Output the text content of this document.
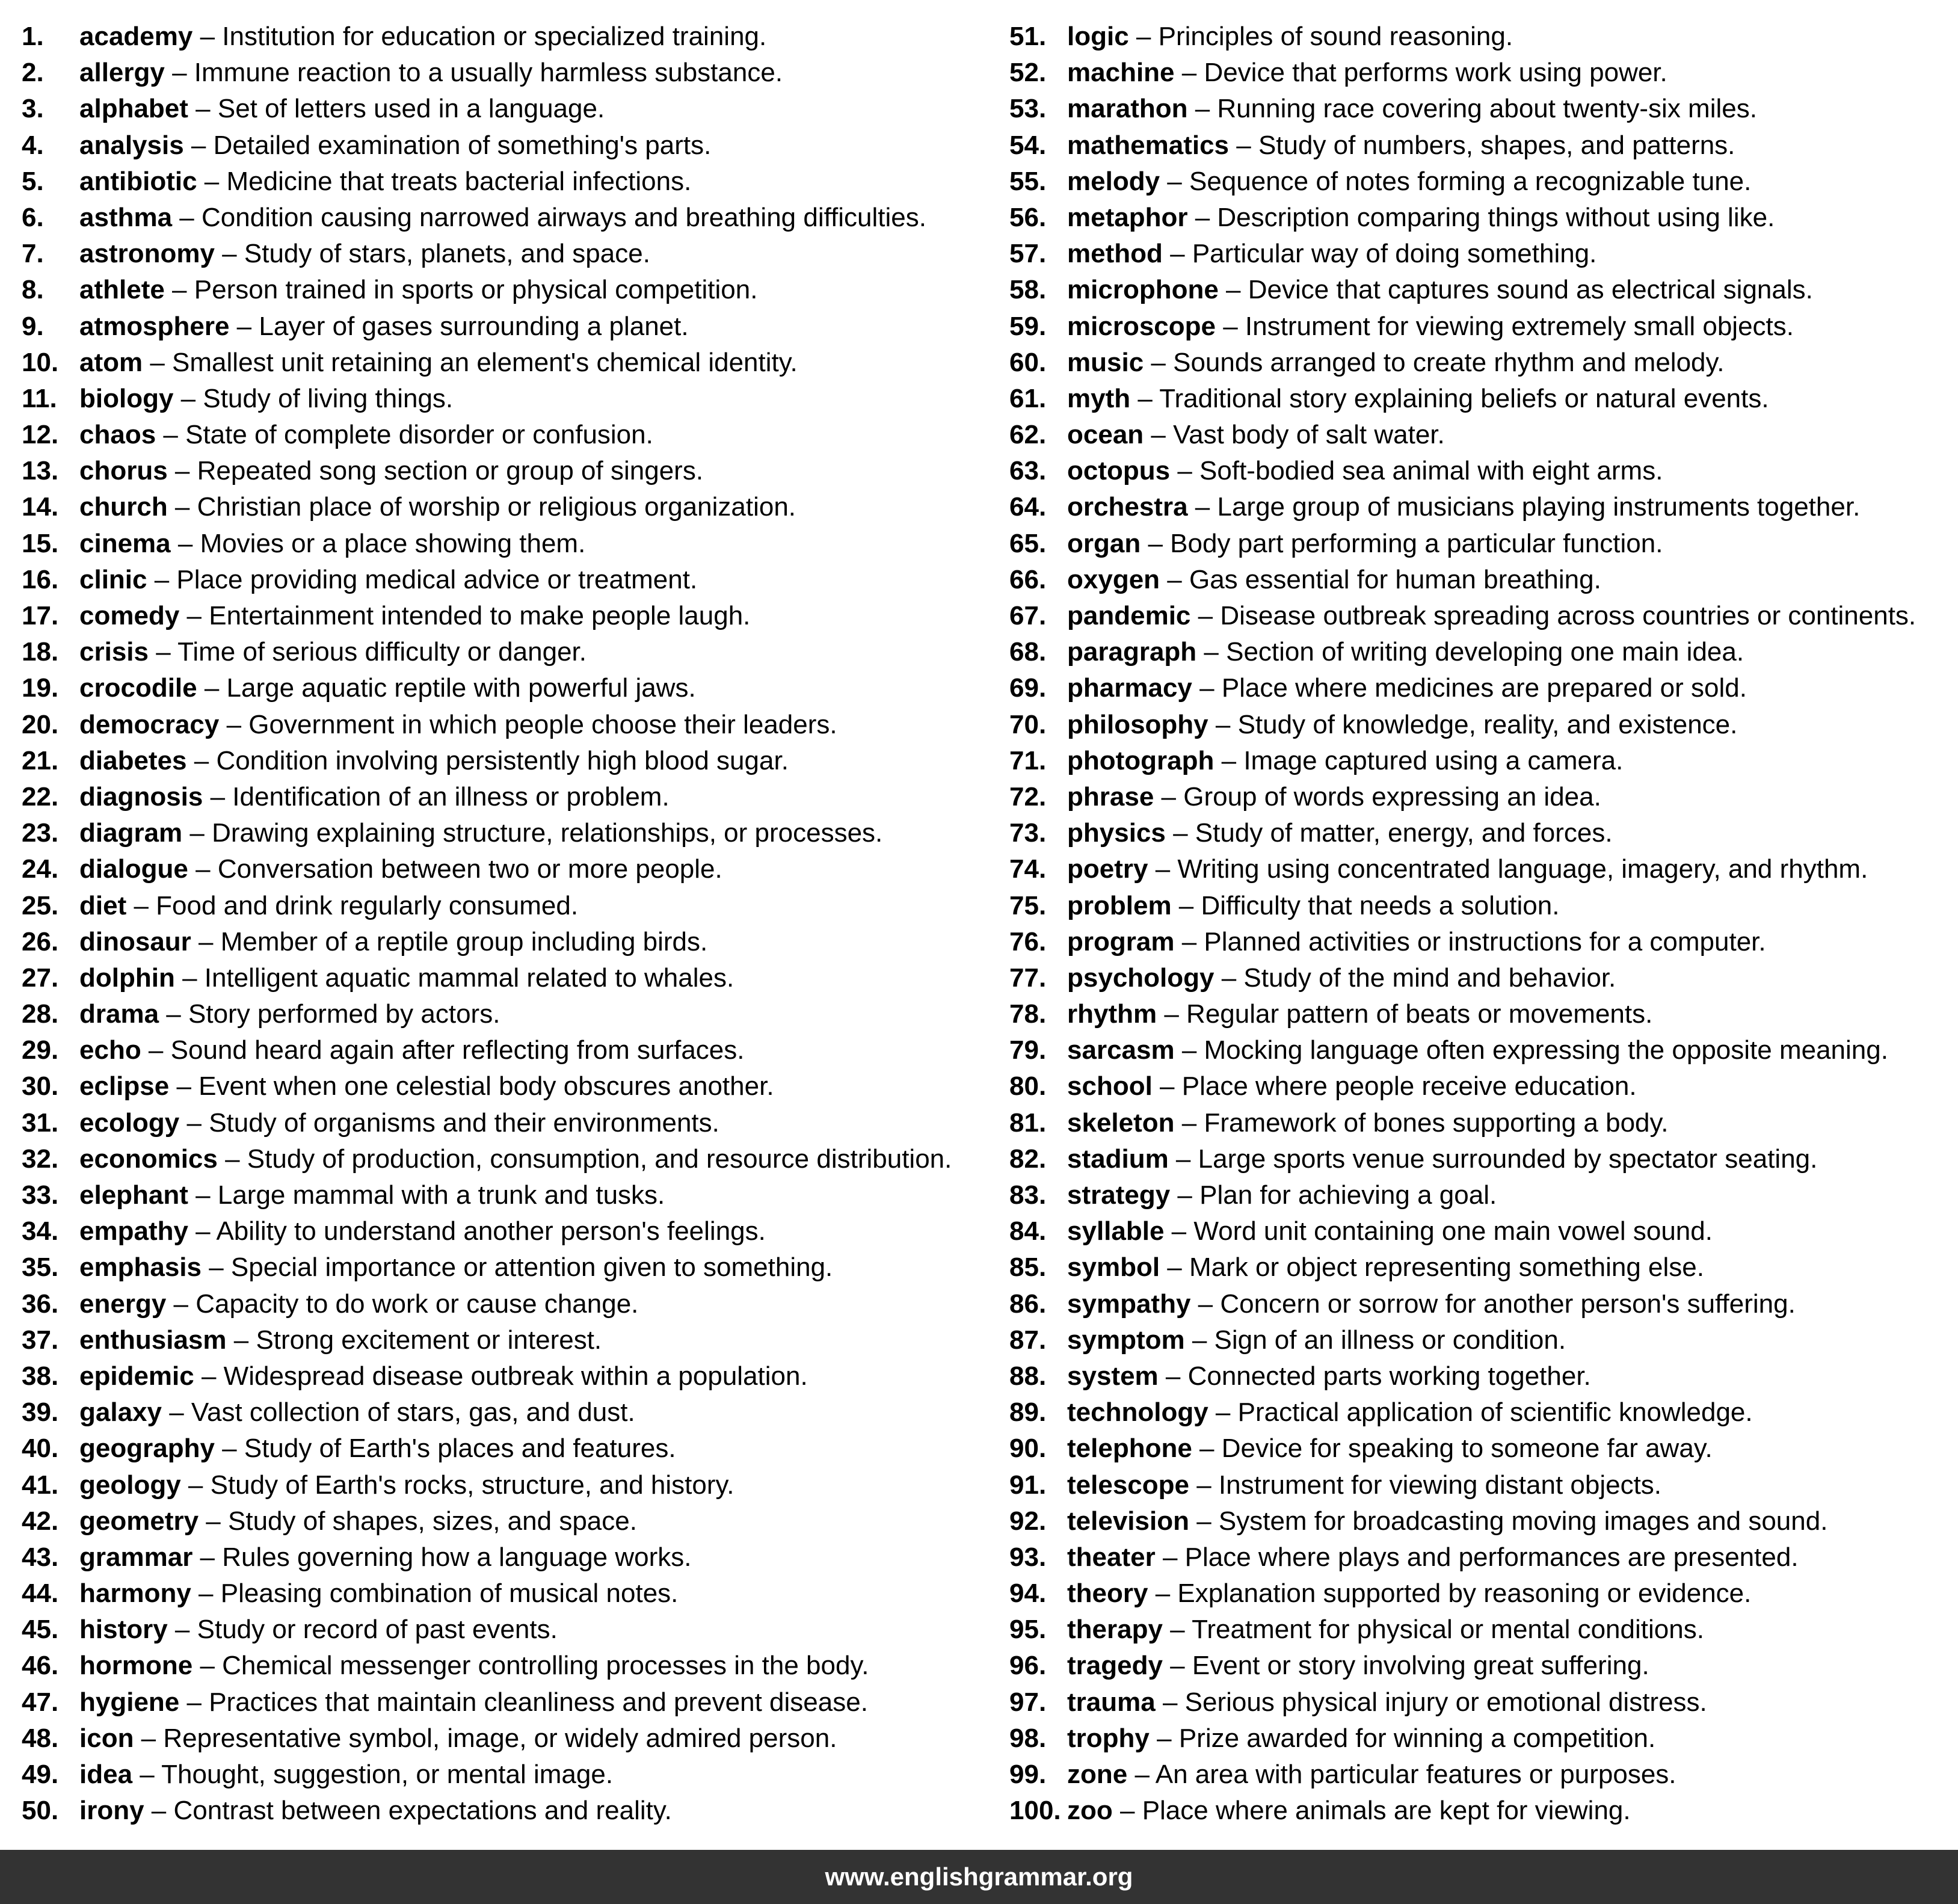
1. academy – Institution for education or specialized training.
2. allergy – Immune reaction to a usually harmless substance.
3. alphabet – Set of letters used in a language.
4. analysis – Detailed examination of something's parts.
5. antibiotic – Medicine that treats bacterial infections.
6. asthma – Condition causing narrowed airways and breathing difficulties.
7. astronomy – Study of stars, planets, and space.
8. athlete – Person trained in sports or physical competition.
9. atmosphere – Layer of gases surrounding a planet.
10. atom – Smallest unit retaining an element's chemical identity.
11. biology – Study of living things.
12. chaos – State of complete disorder or confusion.
13. chorus – Repeated song section or group of singers.
14. church – Christian place of worship or religious organization.
15. cinema – Movies or a place showing them.
16. clinic – Place providing medical advice or treatment.
17. comedy – Entertainment intended to make people laugh.
18. crisis – Time of serious difficulty or danger.
19. crocodile – Large aquatic reptile with powerful jaws.
20. democracy – Government in which people choose their leaders.
21. diabetes – Condition involving persistently high blood sugar.
22. diagnosis – Identification of an illness or problem.
23. diagram – Drawing explaining structure, relationships, or processes.
24. dialogue – Conversation between two or more people.
25. diet – Food and drink regularly consumed.
26. dinosaur – Member of a reptile group including birds.
27. dolphin – Intelligent aquatic mammal related to whales.
28. drama – Story performed by actors.
29. echo – Sound heard again after reflecting from surfaces.
30. eclipse – Event when one celestial body obscures another.
31. ecology – Study of organisms and their environments.
32. economics – Study of production, consumption, and resource distribution.
33. elephant – Large mammal with a trunk and tusks.
34. empathy – Ability to understand another person's feelings.
35. emphasis – Special importance or attention given to something.
36. energy – Capacity to do work or cause change.
37. enthusiasm – Strong excitement or interest.
38. epidemic – Widespread disease outbreak within a population.
39. galaxy – Vast collection of stars, gas, and dust.
40. geography – Study of Earth's places and features.
41. geology – Study of Earth's rocks, structure, and history.
42. geometry – Study of shapes, sizes, and space.
43. grammar – Rules governing how a language works.
44. harmony – Pleasing combination of musical notes.
45. history – Study or record of past events.
46. hormone – Chemical messenger controlling processes in the body.
47. hygiene – Practices that maintain cleanliness and prevent disease.
48. icon – Representative symbol, image, or widely admired person.
49. idea – Thought, suggestion, or mental image.
50. irony – Contrast between expectations and reality.
51. logic – Principles of sound reasoning.
52. machine – Device that performs work using power.
53. marathon – Running race covering about twenty-six miles.
54. mathematics – Study of numbers, shapes, and patterns.
55. melody – Sequence of notes forming a recognizable tune.
56. metaphor – Description comparing things without using like.
57. method – Particular way of doing something.
58. microphone – Device that captures sound as electrical signals.
59. microscope – Instrument for viewing extremely small objects.
60. music – Sounds arranged to create rhythm and melody.
61. myth – Traditional story explaining beliefs or natural events.
62. ocean – Vast body of salt water.
63. octopus – Soft-bodied sea animal with eight arms.
64. orchestra – Large group of musicians playing instruments together.
65. organ – Body part performing a particular function.
66. oxygen – Gas essential for human breathing.
67. pandemic – Disease outbreak spreading across countries or continents.
68. paragraph – Section of writing developing one main idea.
69. pharmacy – Place where medicines are prepared or sold.
70. philosophy – Study of knowledge, reality, and existence.
71. photograph – Image captured using a camera.
72. phrase – Group of words expressing an idea.
73. physics – Study of matter, energy, and forces.
74. poetry – Writing using concentrated language, imagery, and rhythm.
75. problem – Difficulty that needs a solution.
76. program – Planned activities or instructions for a computer.
77. psychology – Study of the mind and behavior.
78. rhythm – Regular pattern of beats or movements.
79. sarcasm – Mocking language often expressing the opposite meaning.
80. school – Place where people receive education.
81. skeleton – Framework of bones supporting a body.
82. stadium – Large sports venue surrounded by spectator seating.
83. strategy – Plan for achieving a goal.
84. syllable – Word unit containing one main vowel sound.
85. symbol – Mark or object representing something else.
86. sympathy – Concern or sorrow for another person's suffering.
87. symptom – Sign of an illness or condition.
88. system – Connected parts working together.
89. technology – Practical application of scientific knowledge.
90. telephone – Device for speaking to someone far away.
91. telescope – Instrument for viewing distant objects.
92. television – System for broadcasting moving images and sound.
93. theater – Place where plays and performances are presented.
94. theory – Explanation supported by reasoning or evidence.
95. therapy – Treatment for physical or mental conditions.
96. tragedy – Event or story involving great suffering.
97. trauma – Serious physical injury or emotional distress.
98. trophy – Prize awarded for winning a competition.
99. zone – An area with particular features or purposes.
100. zoo – Place where animals are kept for viewing.
www.englishgrammar.org
